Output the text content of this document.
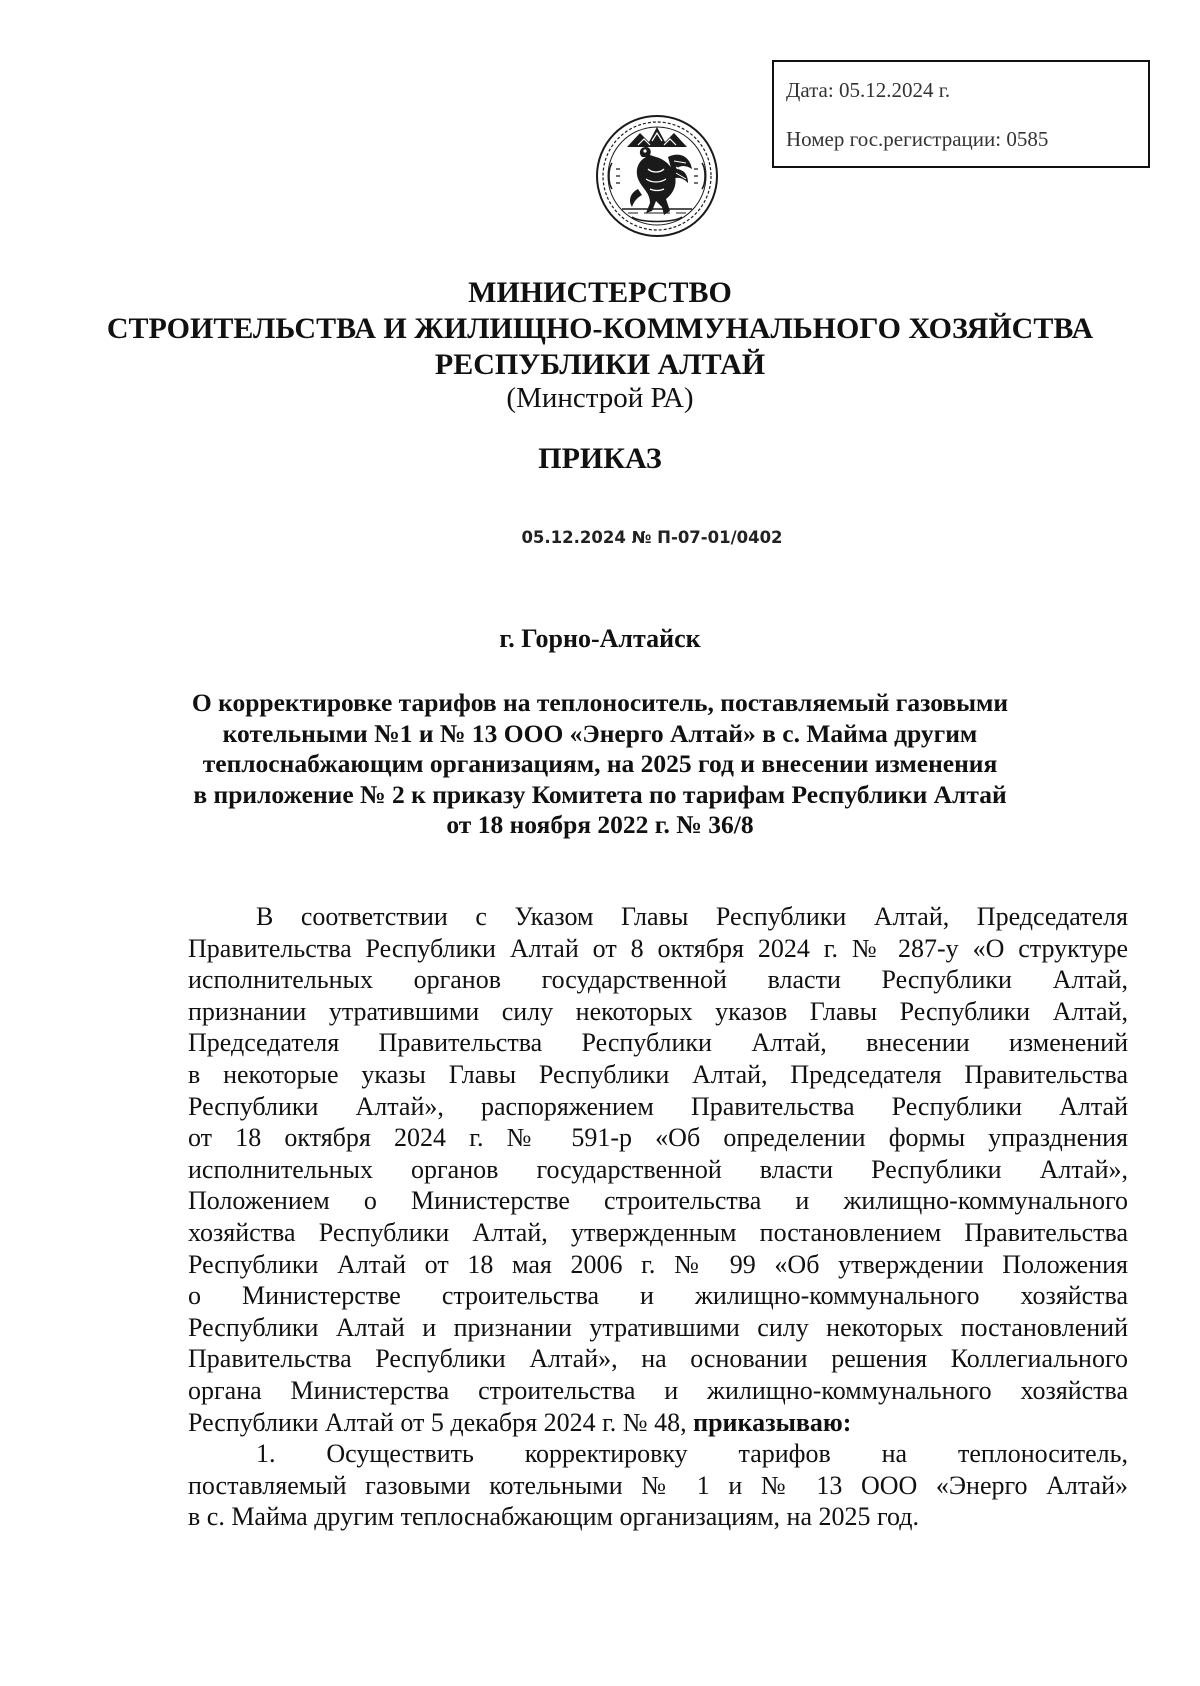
Дата: 05.12.2024 г.
Номер гос.регистрации: 0585
МИНИСТЕРСТВО
СТРОИТЕЛЬСТВА И ЖИЛИЩНО-КОММУНАЛЬНОГО ХОЗЯЙСТВА
РЕСПУБЛИКИ АЛТАЙ
(Минстрой РА)
ПРИКАЗ
05.12.2024 № П-07-01/0402
г. Горно-Алтайск
О корректировке тарифов на теплоноситель, поставляемый газовыми
котельными №1 и № 13 ООО «Энерго Алтай» в с. Майма другим
теплоснабжающим организациям, на 2025 год и внесении изменения
в приложение № 2 к приказу Комитета по тарифам Республики Алтай
от 18 ноября 2022 г. № 36/8
В соответствии с Указом Главы Республики Алтай, Председателя
Правительства Республики Алтай от 8 октября 2024 г. № 287-у «О структуре
исполнительных органов государственной власти Республики Алтай,
признании утратившими силу некоторых указов Главы Республики Алтай,
Председателя Правительства Республики Алтай, внесении изменений
в некоторые указы Главы Республики Алтай, Председателя Правительства
Республики Алтай», распоряжением Правительства Республики Алтай
от 18 октября 2024 г. № 591-р «Об определении формы упразднения
исполнительных органов государственной власти Республики Алтай»,
Положением о Министерстве строительства и жилищно-коммунального
хозяйства Республики Алтай, утвержденным постановлением Правительства
Республики Алтай от 18 мая 2006 г. № 99 «Об утверждении Положения
о Министерстве строительства и жилищно-коммунального хозяйства
Республики Алтай и признании утратившими силу некоторых постановлений
Правительства Республики Алтай», на основании решения Коллегиального
органа Министерства строительства и жилищно-коммунального хозяйства
Республики Алтай от 5 декабря 2024 г. № 48, приказываю:
1. Осуществить корректировку тарифов на теплоноситель,
поставляемый газовыми котельными № 1 и № 13 ООО «Энерго Алтай»
в с. Майма другим теплоснабжающим организациям, на 2025 год.
